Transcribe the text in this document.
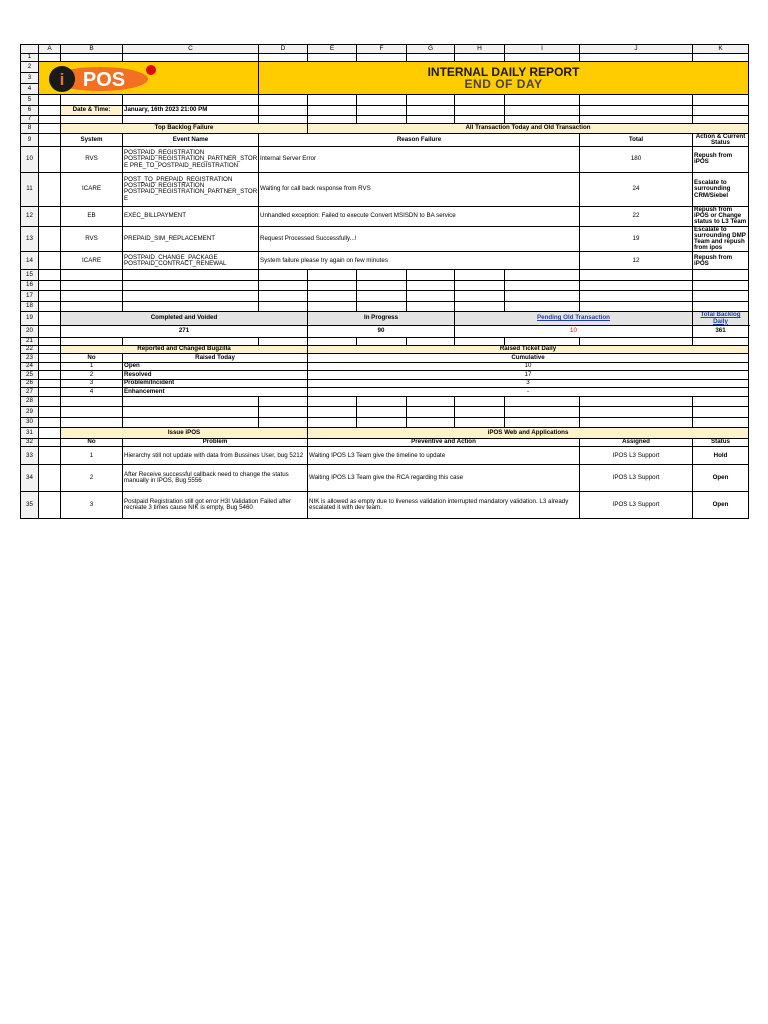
	A	B	C	D	E	F	G	H	I	J	K
1											
2	i POS			INTERNAL DAILY REPORT
END OF DAY							

3											
4											
5											
6		Date & Time:	January, 16th 2023 21:00 PM								
7											
8		Top Backlog Failure			All Transaction Today and Old Transaction						
9		System	Event Name	Reason Failure						Total	Action & Current Status
10		RVS	POSTPAID_REGISTRATION
POSTPAID_REGISTRATION_PARTNER_STOR
E PRE_TO_POSTPAID_REGISTRATION	Internal Server Error						180	Repush from iPOS
11		ICARE	POST_TO_PREPAID_REGISTRATION
POSTPAID_REGISTRATION
POSTPAID_REGISTRATION_PARTNER_STOR
E	Waiting for call back response from RVS						24	Escalate to surrounding CRM/Siebel
12		EB	EXEC_BILLPAYMENT	Unhandled exception: Failed to execute Convert MSISDN to BA service						22	Repush from iPOS or Change status to L3 Team
13		RVS	PREPAID_SIM_REPLACEMENT	Request Processed Successfully...!						19	Escalate to surrounding DMP Team and repush from ipos
14		ICARE	POSTPAID_CHANGE_PACKAGE
POSTPAID_CONTRACT_RENEWAL	System failure please try again on few minutes						12	Repush from iPOS
15											
16											
17											
18											
19		Completed and Voided			In Progress			Pending Old Transaction			Total Backlog Daily
20		271			90			10			361
21											
22		Reported and Changed Bugzilla			Raised Ticket Daily						
23		No	Raised Today		Cumulative						
24		1	Open		10						
25		2	Resolved		17						
26		3	Problem/Incident		3						
27		4	Enhancement		-						
28											
29											
30											
31		Issue iPOS			iPOS Web and Applications						
32		No	Problem		Preventive and Action					Assigned	Status
33		1	Hierarchy still not update with data from Bussines User, bug 5212		Waiting IPOS L3 Team give the timeline to update					IPOS L3 Support	Hold
34		2	After Receive successful callback need to change the status manually in IPOS, Bug 5556		Waiting IPOS L3 Team give the RCA regarding this case					IPOS L3 Support	Open
35		3	Postpaid Registration still got error H3I Validation Failed after recreate 3 times cause NIK is empty, Bug 5460		NIK is allowed as empty due to liveness validation interrupted mandatory validation. L3 already escalated it with dev team.					IPOS L3 Support	Open
